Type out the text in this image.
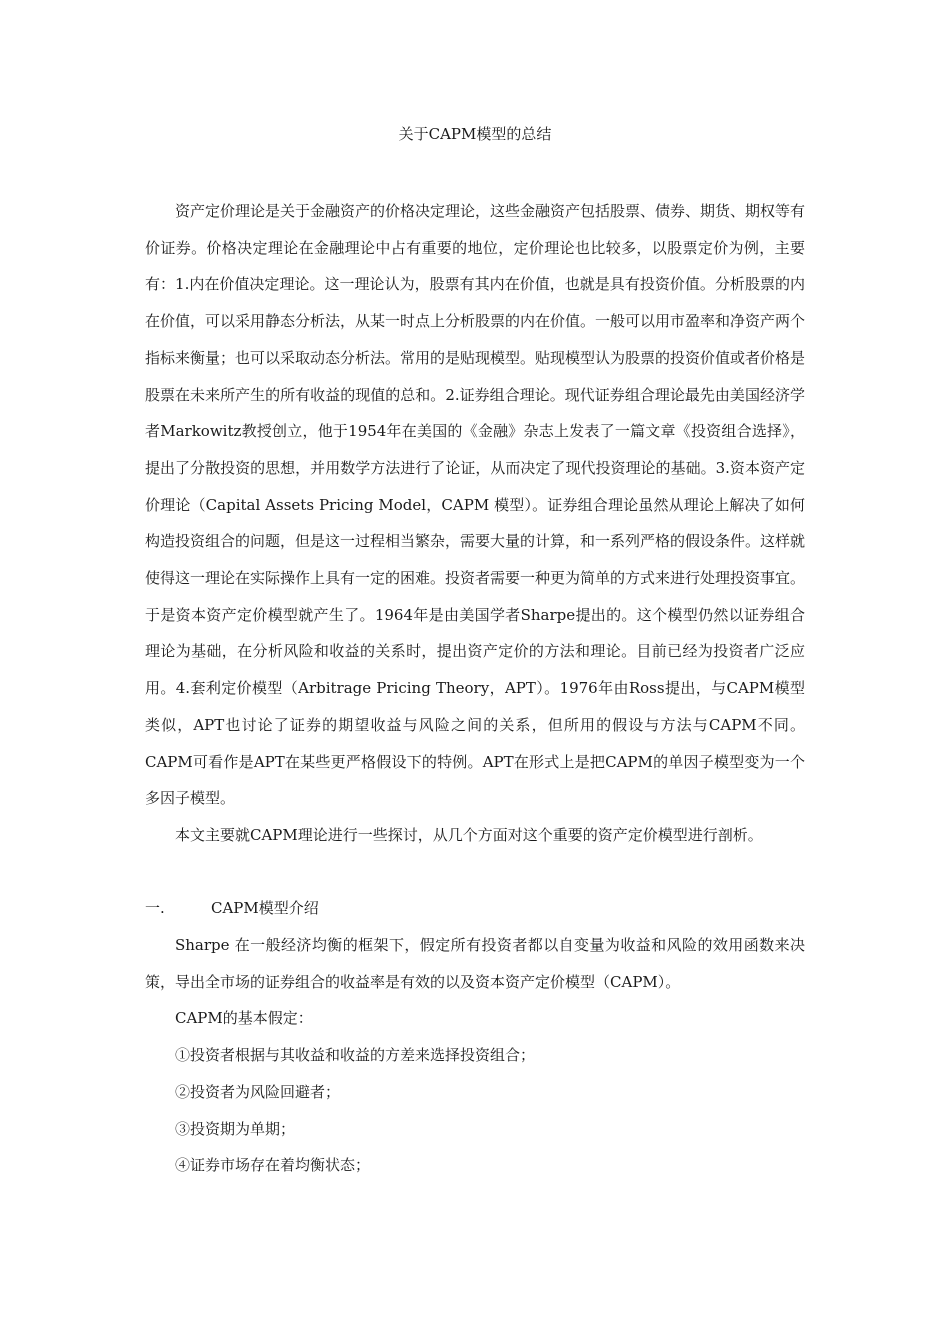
关于CAPM模型的总结

资产定价理论是关于金融资产的价格决定理论，这些金融资产包括股票、债券、期货、期权等有价证券。价格决定理论在金融理论中占有重要的地位，定价理论也比较多，以股票定价为例，主要有：1.内在价值决定理论。这一理论认为，股票有其内在价值，也就是具有投资价值。分析股票的内在价值，可以采用静态分析法，从某一时点上分析股票的内在价值。一般可以用市盈率和净资产两个指标来衡量；也可以采取动态分析法。常用的是贴现模型。贴现模型认为股票的投资价值或者价格是股票在未来所产生的所有收益的现值的总和。2.证券组合理论。现代证券组合理论最先由美国经济学者Markowitz教授创立，他于1954年在美国的《金融》杂志上发表了一篇文章《投资组合选择》，提出了分散投资的思想，并用数学方法进行了论证，从而决定了现代投资理论的基础。3.资本资产定价理论（Capital Assets Pricing Model，CAPM 模型）。证券组合理论虽然从理论上解决了如何构造投资组合的问题，但是这一过程相当繁杂，需要大量的计算，和一系列严格的假设条件。这样就使得这一理论在实际操作上具有一定的困难。投资者需要一种更为简单的方式来进行处理投资事宜。于是资本资产定价模型就产生了。1964年是由美国学者Sharpe提出的。这个模型仍然以证券组合理论为基础，在分析风险和收益的关系时，提出资产定价的方法和理论。目前已经为投资者广泛应用。4.套利定价模型（Arbitrage Pricing Theory，APT）。1976年由Ross提出，与CAPM模型类似，APT也讨论了证券的期望收益与风险之间的关系，但所用的假设与方法与CAPM不同。CAPM可看作是APT在某些更严格假设下的特例。APT在形式上是把CAPM的单因子模型变为一个多因子模型。

本文主要就CAPM理论进行一些探讨，从几个方面对这个重要的资产定价模型进行剖析。

一.	CAPM模型介绍

Sharpe 在一般经济均衡的框架下，假定所有投资者都以自变量为收益和风险的效用函数来决策，导出全市场的证券组合的收益率是有效的以及资本资产定价模型（CAPM）。

CAPM的基本假定：

①投资者根据与其收益和收益的方差来选择投资组合；

②投资者为风险回避者；

③投资期为单期；

④证券市场存在着均衡状态；
